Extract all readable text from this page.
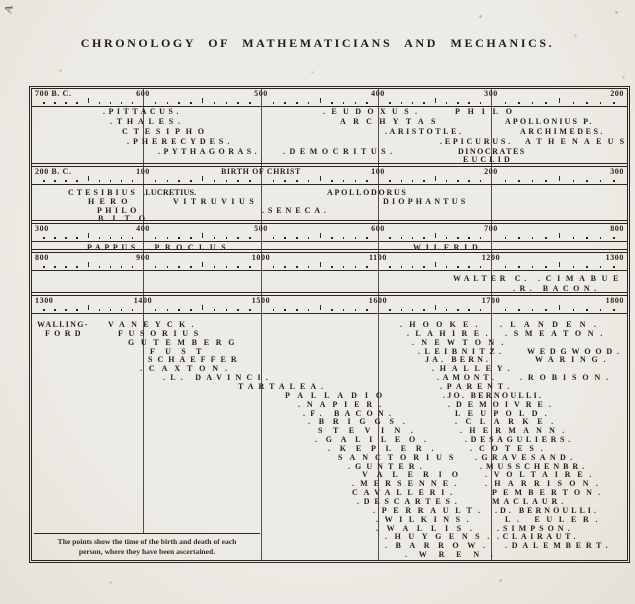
A
CHRONOLOGY OF MATHEMATICIANS AND MECHANICS.
The points show the time of the birth and death of each
person, where they have been ascertained.
700 B. C.	600	500	400	300	200
.PITTACUS.	.EUDOXUS.	PHILO
.THALES.	ARCHYTAS	APOLLONIUS P.
CTESIPHO	.ARISTOTLE.	ARCHIMEDES.
.PHERECYDES.	.EPICURUS. ATHENAEUS
.PYTHAGORAS.	.DEMOCRITUS.	DINOCRATES
EUCLID
200 B. C.	100	BIRTH OF CHRIST	100	200	300
CTESIBIUS .LUCRETIUS.	APOLLODORUS
HERO	VITRUVIUS	DIOPHANTUS
PHILO	.SENECA.
BITO
300	400	500	600	700	800
PAPPUS .PROCLUS.	WILFRID
800	900	1000	1100	1200	1300
WALTER C. .CIMABUE
.R. BACON.
1300	1400	1500	1600	1700	1800
WALLING- VANEYCK.	.HOOKE. .LANDEN.
FORD	FUSORIUS	.LAHIRE. .SMEATON.
GUTEMBERG	.NEWTON.
FUST	.LEIBNITZ.	WEDGWOOD.
SCHAEFFER	JA. BERN.	WARING.
.CAXTON.	.HALLEY.
.L. DAVINCI.	.AMONT.	.ROBISON.
TARTALEA.	.PARENT.
PALLADIO	.JO. BERNOULLI.
.NAPIER.	.DEMOIVRE.
.F. BACON.	LEUPOLD.
.BRIGGS.	.CLARKE.
STEVIN.	.HERMANN.
.GALILEO.	.DESAGULIERS.
.KEPLER.	.COTES.
SANCTORIUS .GRAVESAND.
.GUNTER.	.MUSSCHENBR.
VALERIO .VOLTAIRE.
.MERSENNE.	.HARRISON.
CAVALLERI.	PEMBERTON.
.DESCARTES.	MACLAUR.
.PERRAULT. .D. BERNOULLI.
.WILKINS.	L. EULER.
.WALLIS. .SIMPSON.
.HUYGENS. .CLAIRAUT.
.BARROW. .DALEMBERT.
.WREN.
